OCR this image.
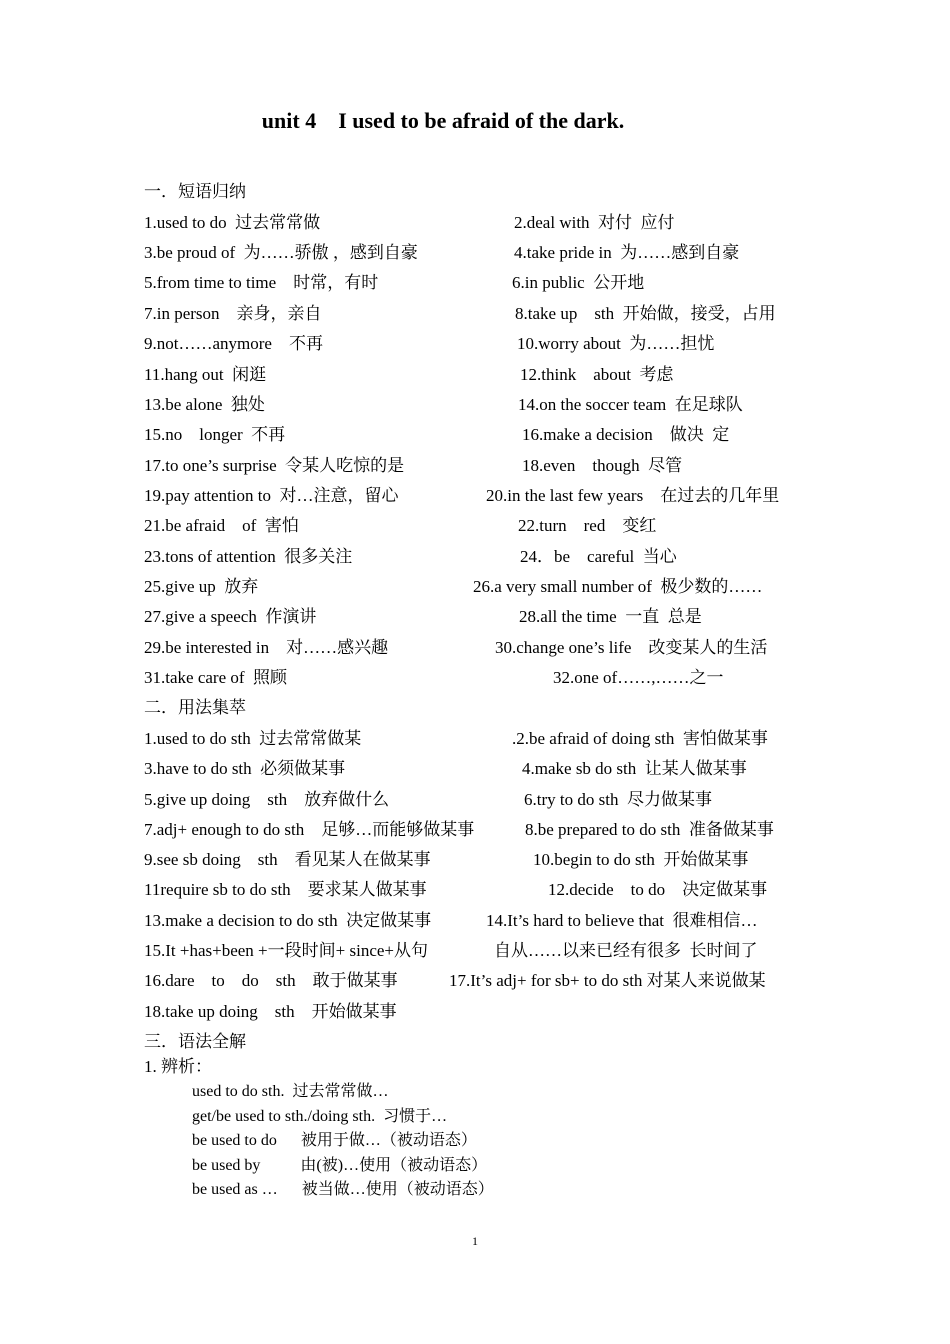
unit 4    I used to be afraid of the dark.
一．短语归纳
1.used to do  过去常常做	2.deal with  对付  应付
3.be proud of  为……骄傲 ，感到自豪	4.take pride in  为……感到自豪
5.from time to time    时常，有时	6.in public  公开地
7.in person    亲身，亲自	8.take up    sth  开始做，接受，占用
9.not……anymore    不再	10.worry about  为……担忧
11.hang out  闲逛	12.think    about  考虑
13.be alone  独处	14.on the soccer team  在足球队
15.no    longer  不再	16.make a decision    做决  定
17.to one’s surprise  令某人吃惊的是	18.even    though  尽管
19.pay attention to  对…注意，留心	20.in the last few years    在过去的几年里
21.be afraid    of  害怕	22.turn    red    变红
23.tons of attention  很多关注	24．be    careful  当心
25.give up  放弃	26.a very small number of  极少数的……
27.give a speech  作演讲	28.all the time  一直  总是
29.be interested in    对……感兴趣	30.change one’s life    改变某人的生活
31.take care of  照顾	32.one of……,……之一
二．用法集萃
1.used to do sth  过去常常做某	.2.be afraid of doing sth  害怕做某事
3.have to do sth  必须做某事	4.make sb do sth  让某人做某事
5.give up doing    sth    放弃做什么	6.try to do sth  尽力做某事
7.adj+ enough to do sth    足够…而能够做某事	8.be prepared to do sth  准备做某事
9.see sb doing    sth    看见某人在做某事	10.begin to do sth  开始做某事
11require sb to do sth    要求某人做某事	12.decide    to do    决定做某事
13.make a decision to do sth  决定做某事	14.It’s hard to believe that  很难相信…
15.It +has+been +一段时间+ since+从句	自从……以来已经有很多  长时间了
16.dare    to    do    sth    敢于做某事	17.It’s adj+ for sb+ to do sth 对某人来说做某
18.take up doing    sth    开始做某事
三．语法全解
1. 辨析：
used to do sth.  过去常常做…
get/be used to sth./doing sth.  习惯于…
be used to do      被用于做…（被动语态）
be used by          由(被)…使用（被动语态）
be used as …      被当做…使用（被动语态）
1
